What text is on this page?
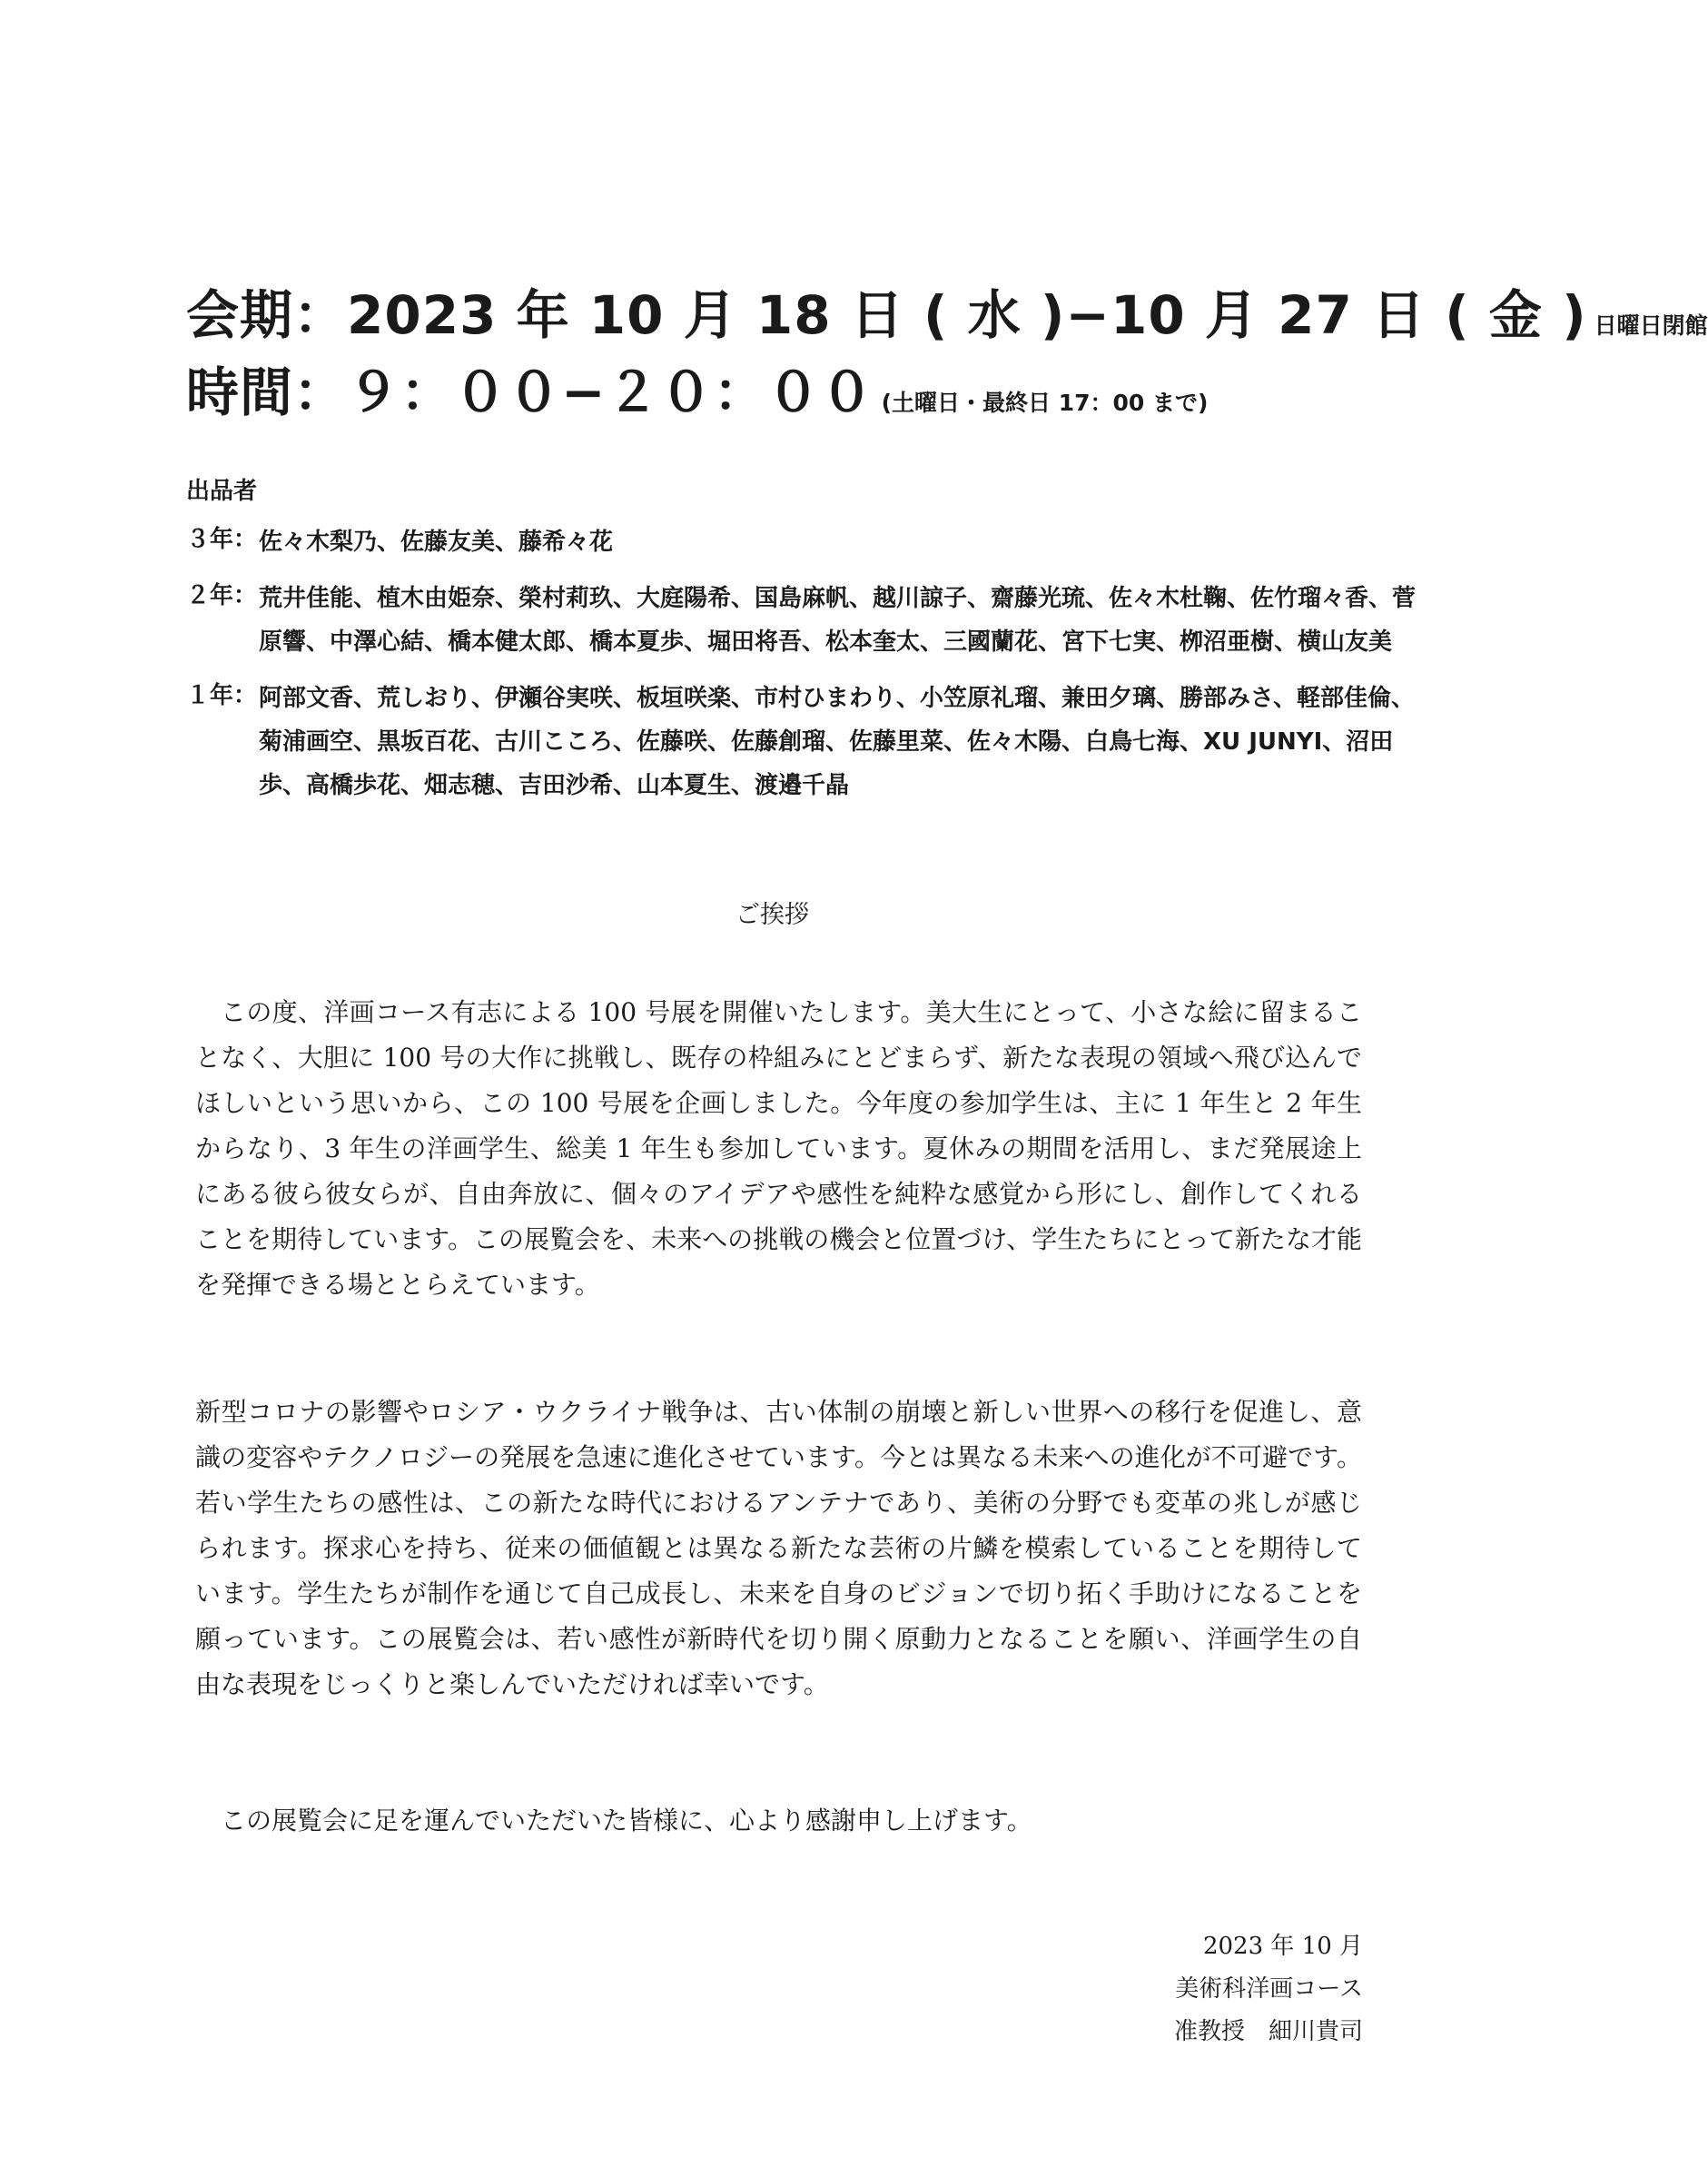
会期：2023 年 10 月 18 日 ( 水 )−10 月 27 日 ( 金 ) 日曜日閉館
時間：９：００−２０：００ (土曜日・最終日 17：00 まで)
出品者
３年： 佐々木梨乃、佐藤友美、藤希々花
２年： 荒井佳能、植木由姫奈、榮村莉玖、大庭陽希、国島麻帆、越川諒子、齋藤光琉、佐々木杜鞠、佐竹瑠々香、菅原響、中澤心結、橋本健太郎、橋本夏歩、堀田将吾、松本奎太、三國蘭花、宮下七実、栁沼亜樹、横山友美
１年： 阿部文香、荒しおり、伊瀬谷実咲、板垣咲楽、市村ひまわり、小笠原礼瑠、兼田夕璃、勝部みさ、軽部佳倫、菊浦画空、黒坂百花、古川こころ、佐藤咲、佐藤創瑠、佐藤里菜、佐々木陽、白鳥七海、XU JUNYI、沼田歩、高橋歩花、畑志穂、吉田沙希、山本夏生、渡邉千晶
ご挨拶
この度、洋画コース有志による 100 号展を開催いたします。美大生にとって、小さな絵に留まることなく、大胆に 100 号の大作に挑戦し、既存の枠組みにとどまらず、新たな表現の領域へ飛び込んでほしいという思いから、この 100 号展を企画しました。今年度の参加学生は、主に 1 年生と 2 年生からなり、3 年生の洋画学生、総美 1 年生も参加しています。夏休みの期間を活用し、まだ発展途上にある彼ら彼女らが、自由奔放に、個々のアイデアや感性を純粋な感覚から形にし、創作してくれることを期待しています。この展覧会を、未来への挑戦の機会と位置づけ、学生たちにとって新たな才能を発揮できる場ととらえています。
新型コロナの影響やロシア・ウクライナ戦争は、古い体制の崩壊と新しい世界への移行を促進し、意識の変容やテクノロジーの発展を急速に進化させています。今とは異なる未来への進化が不可避です。若い学生たちの感性は、この新たな時代におけるアンテナであり、美術の分野でも変革の兆しが感じられます。探求心を持ち、従来の価値観とは異なる新たな芸術の片鱗を模索していることを期待しています。学生たちが制作を通じて自己成長し、未来を自身のビジョンで切り拓く手助けになることを願っています。この展覧会は、若い感性が新時代を切り開く原動力となることを願い、洋画学生の自由な表現をじっくりと楽しんでいただければ幸いです。
この展覧会に足を運んでいただいた皆様に、心より感謝申し上げます。
2023 年 10 月
美術科洋画コース
准教授　細川貴司
